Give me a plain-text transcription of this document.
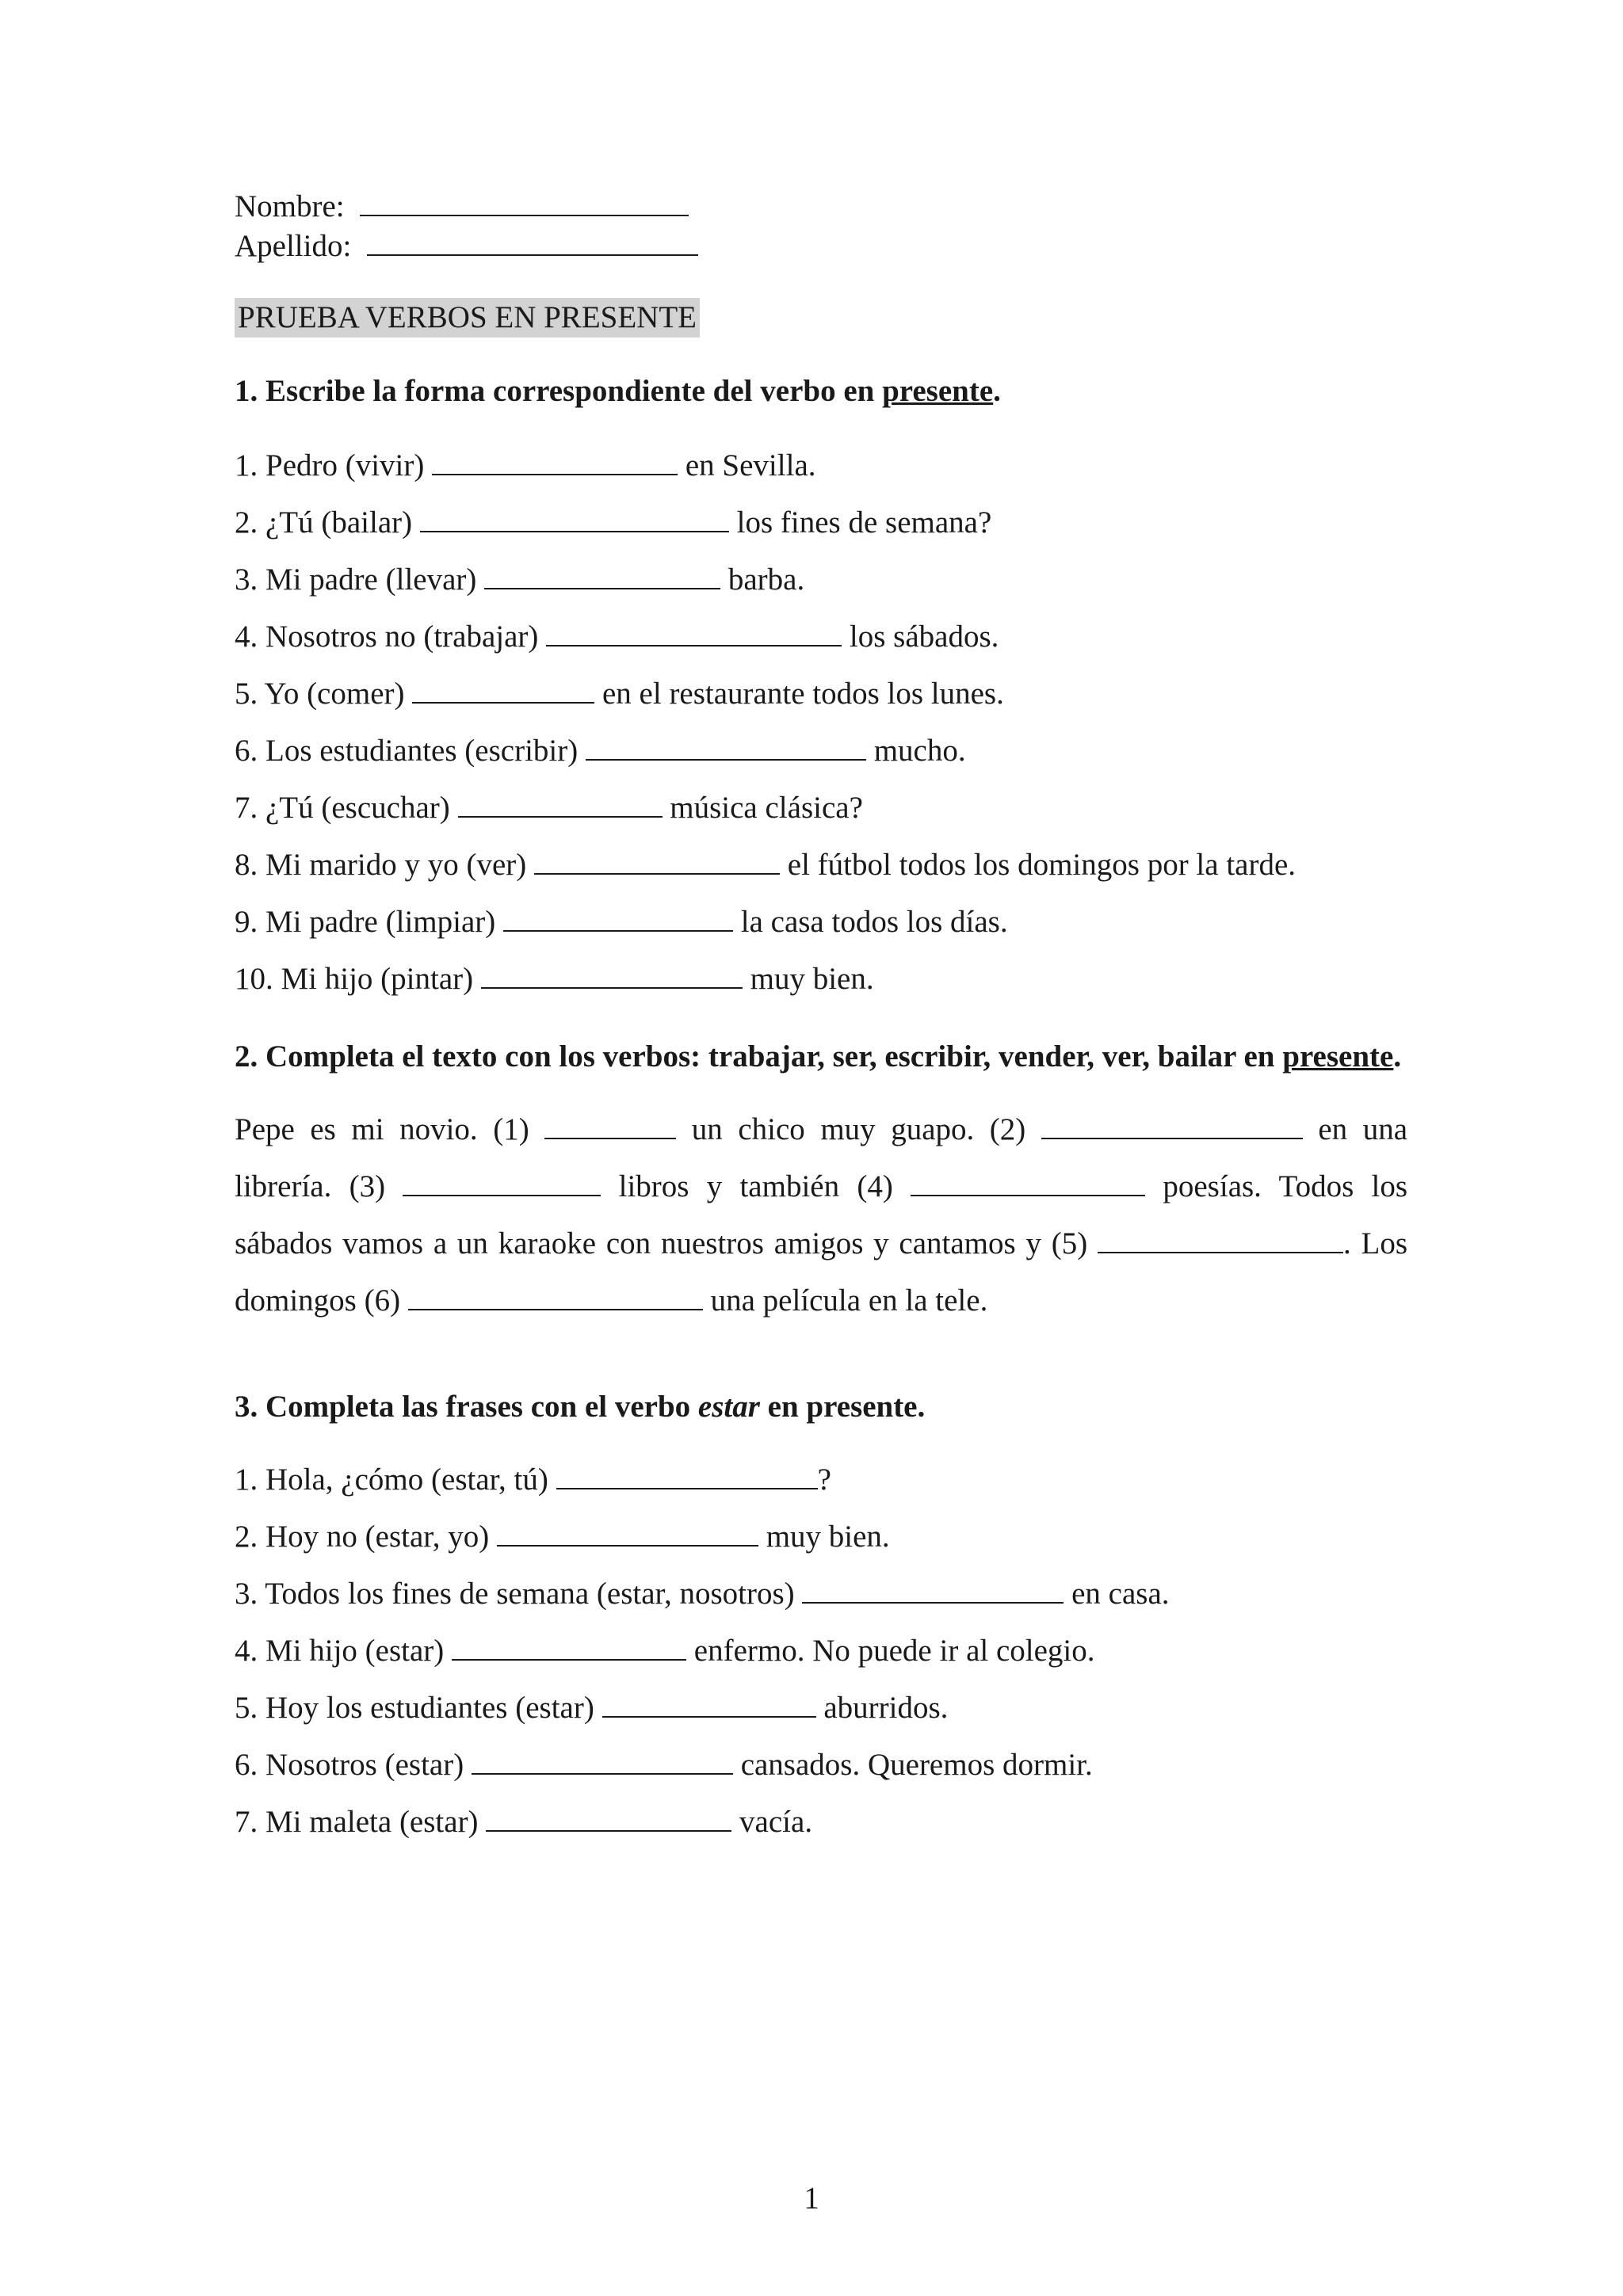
Nombre:
Apellido:
PRUEBA VERBOS EN PRESENTE
1. Escribe la forma correspondiente del verbo en presente.
1. Pedro (vivir)	en Sevilla.
2. ¿Tú (bailar)	los fines de semana?
3. Mi padre (llevar)	barba.
4. Nosotros no (trabajar)	los sábados.
5. Yo (comer)	en el restaurante todos los lunes.
6. Los estudiantes (escribir)	mucho.
7. ¿Tú (escuchar)	música clásica?
8. Mi marido y yo (ver)	el fútbol todos los domingos por la tarde.
9. Mi padre (limpiar)	la casa todos los días.
10. Mi hijo (pintar)	muy bien.
2. Completa el texto con los verbos: trabajar, ser, escribir, vender, ver, bailar en presente.
Pepe es mi novio. (1)	un chico muy guapo. (2)	en una librería. (3)	libros y también (4)	poesías. Todos los sábados vamos a un karaoke con nuestros amigos y cantamos y (5)	. Los domingos (6)	una película en la tele.
3. Completa las frases con el verbo estar en presente.
1. Hola, ¿cómo (estar, tú)	?
2. Hoy no (estar, yo)	muy bien.
3. Todos los fines de semana (estar, nosotros)	en casa.
4. Mi hijo (estar)	enfermo. No puede ir al colegio.
5. Hoy los estudiantes (estar)	aburridos.
6. Nosotros (estar)	cansados. Queremos dormir.
7. Mi maleta (estar)	vacía.
1
